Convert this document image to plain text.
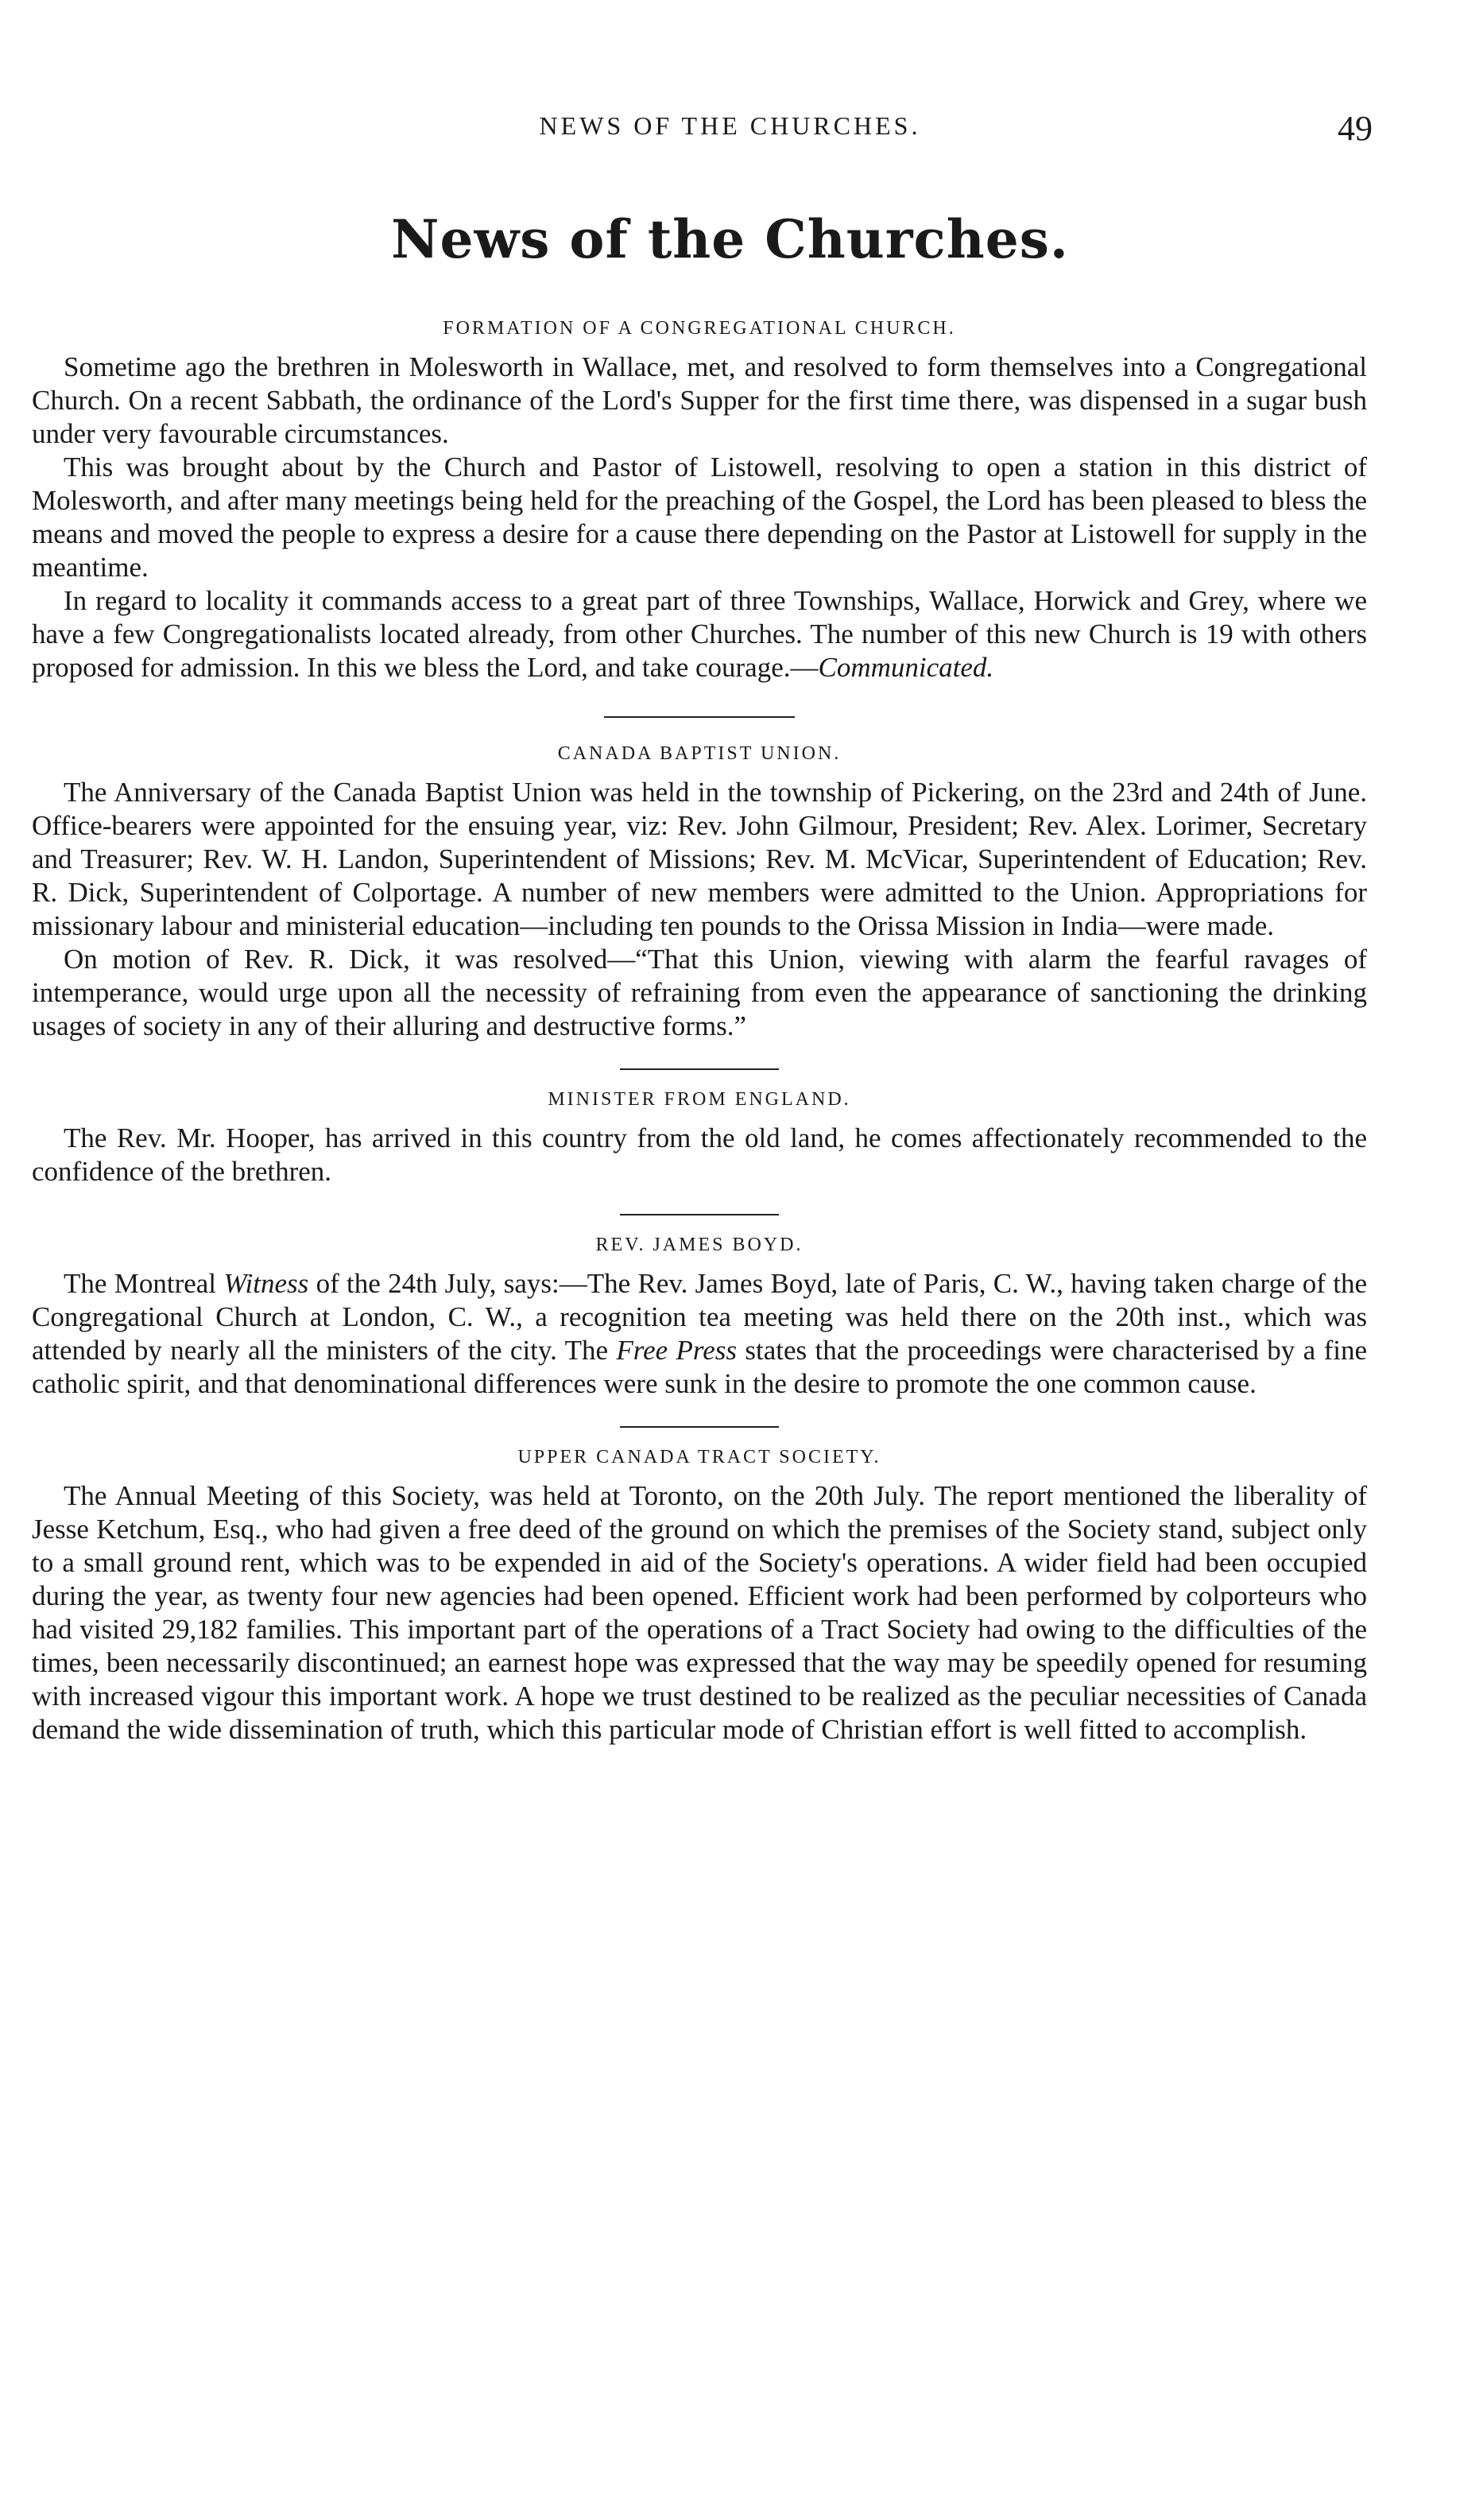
NEWS OF THE CHURCHES.	49
News of the Churches.
FORMATION OF A CONGREGATIONAL CHURCH.

Sometime ago the brethren in Molesworth in Wallace, met, and resolved to form themselves into a Congregational Church. On a recent Sabbath, the ordinance of the Lord's Supper for the first time there, was dispensed in a sugar bush under very favourable circumstances.

This was brought about by the Church and Pastor of Listowell, resolving to open a station in this district of Molesworth, and after many meetings being held for the preaching of the Gospel, the Lord has been pleased to bless the means and moved the people to express a desire for a cause there depending on the Pastor at Listowell for supply in the meantime.

In regard to locality it commands access to a great part of three Townships, Wallace, Horwick and Grey, where we have a few Congregationalists located already, from other Churches. The number of this new Church is 19 with others proposed for admission. In this we bless the Lord, and take courage.—Communicated.

CANADA BAPTIST UNION.

The Anniversary of the Canada Baptist Union was held in the township of Pickering, on the 23rd and 24th of June. Office-bearers were appointed for the ensuing year, viz: Rev. John Gilmour, President; Rev. Alex. Lorimer, Secretary and Treasurer; Rev. W. H. Landon, Superintendent of Missions; Rev. M. McVicar, Superintendent of Education; Rev. R. Dick, Superintendent of Colportage. A number of new members were admitted to the Union. Appropriations for missionary labour and ministerial education—including ten pounds to the Orissa Mission in India—were made.

On motion of Rev. R. Dick, it was resolved—“That this Union, viewing with alarm the fearful ravages of intemperance, would urge upon all the necessity of refraining from even the appearance of sanctioning the drinking usages of society in any of their alluring and destructive forms.”

MINISTER FROM ENGLAND.

The Rev. Mr. Hooper, has arrived in this country from the old land, he comes affectionately recommended to the confidence of the brethren.

REV. JAMES BOYD.

The Montreal Witness of the 24th July, says:—The Rev. James Boyd, late of Paris, C. W., having taken charge of the Congregational Church at London, C. W., a recognition tea meeting was held there on the 20th inst., which was attended by nearly all the ministers of the city. The Free Press states that the proceedings were characterised by a fine catholic spirit, and that denominational differences were sunk in the desire to promote the one common cause.

UPPER CANADA TRACT SOCIETY.

The Annual Meeting of this Society, was held at Toronto, on the 20th July. The report mentioned the liberality of Jesse Ketchum, Esq., who had given a free deed of the ground on which the premises of the Society stand, subject only to a small ground rent, which was to be expended in aid of the Society's operations. A wider field had been occupied during the year, as twenty four new agencies had been opened. Efficient work had been performed by colporteurs who had visited 29,182 families. This important part of the operations of a Tract Society had owing to the difficulties of the times, been necessarily discontinued; an earnest hope was expressed that the way may be speedily opened for resuming with increased vigour this important work. A hope we trust destined to be realized as the peculiar necessities of Canada demand the wide dissemination of truth, which this particular mode of Christian effort is well fitted to accomplish.
